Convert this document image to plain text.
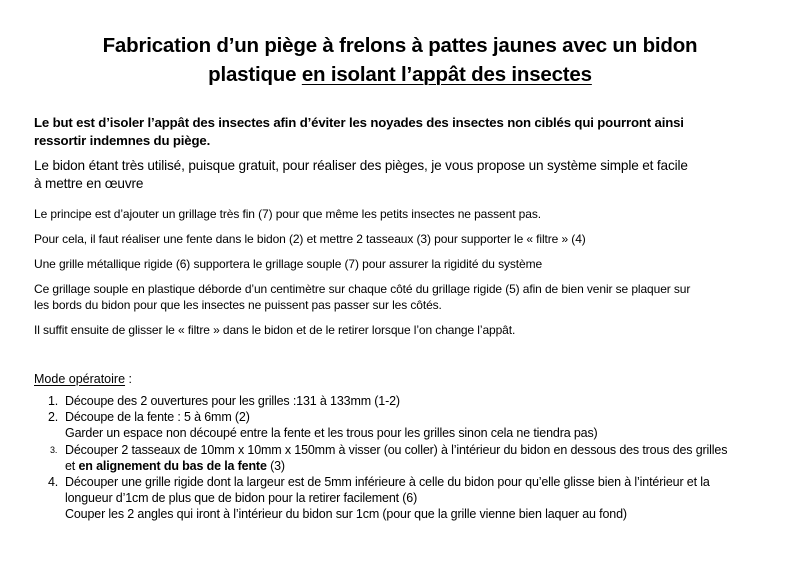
Fabrication d’un piège à frelons à pattes jaunes avec un bidon
plastique en isolant l’appât des insectes
Le but est d’isoler l’appât des insectes afin d’éviter les noyades des insectes non ciblés qui pourront ainsi
ressortir indemnes du piège.
Le bidon étant très utilisé, puisque gratuit, pour réaliser des pièges, je vous propose un système simple et facile
à mettre en œuvre
Le principe est d’ajouter un grillage très fin (7) pour que même les petits insectes ne passent pas.
Pour cela, il faut réaliser une fente dans le bidon (2) et mettre 2 tasseaux (3) pour supporter le « filtre » (4)
Une grille métallique rigide (6) supportera le grillage souple (7) pour assurer la rigidité du système
Ce grillage souple en plastique déborde d’un centimètre sur chaque côté du grillage rigide (5) afin de bien venir se plaquer sur
les bords du bidon pour que les insectes ne puissent pas passer sur les côtés.
Il suffit ensuite de glisser le « filtre » dans le bidon et de le retirer lorsque l’on change l’appât.
Mode opératoire :
1. Découpe des 2 ouvertures pour les grilles :131 à 133mm (1-2)
2. Découpe de la fente : 5 à 6mm (2)
Garder un espace non découpé entre la fente et les trous pour les grilles sinon cela ne tiendra pas)
3. Découper 2 tasseaux de 10mm x 10mm x 150mm à visser (ou coller) à l’intérieur du bidon en dessous des trous des grilles
et en alignement du bas de la fente (3)
4. Découper une grille rigide dont la largeur est de 5mm inférieure à celle du bidon pour qu’elle glisse bien à l’intérieur et la
longueur d’1cm de plus que de bidon pour la retirer facilement (6)
Couper les 2 angles qui iront à l’intérieur du bidon sur 1cm (pour que la grille vienne bien laquer au fond)
